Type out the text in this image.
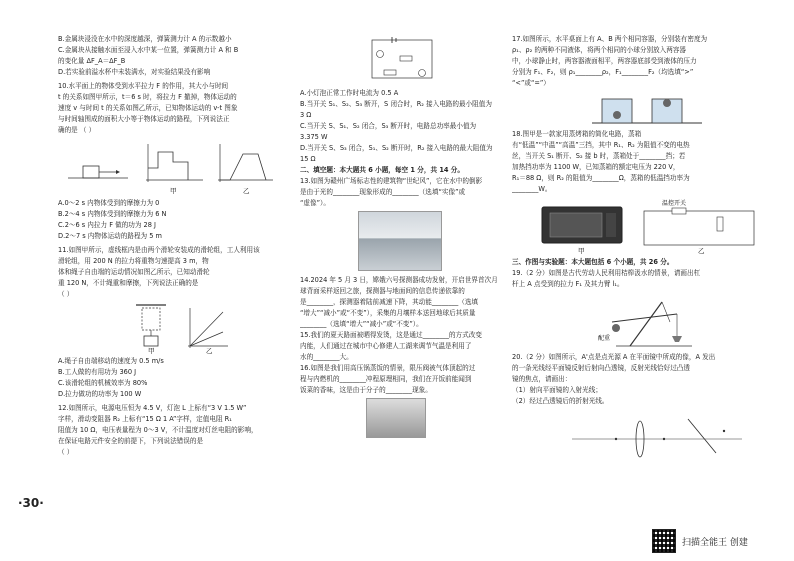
B.金属块浸没在水中的深度越深，弹簧测力计 A 的示数越小
C.金属块从接触水面至浸入水中某一位置，弹簧测力计 A 和 B
的变化量 ΔF_A＝ΔF_B
D.若实验前溢水杯中未装满水，对实验结果没有影响
10.水平面上的物体受到水平拉力 F 的作用，其大小与时间
t 的关系如图甲所示，t＝6 s 时，将拉力 F 撤掉，物体运动的
速度 v 与时间 t 的关系如图乙所示，已知物体运动的 v-t 图象
与时间轴围成的面积大小等于物体运动的路程，下列说法正
确的是 （ ）
甲	乙
A.0～2 s 内物体受到的摩擦力为 0
B.2～4 s 内物体受到的摩擦力为 6 N
C.2～6 s 内拉力 F 做的功为 28 J
D.2～7 s 内物体运动的路程为 5 m
11.如图甲所示，虚线框内是由两个滑轮安装成的滑轮组，工人利用该
滑轮组，用 200 N 的拉力将重物匀速提高 3 m，物
体和绳子自由端的运动情况如图乙所示，已知动滑轮
重 120 N，不计绳重和摩擦，下列说法正确的是
（ ）
甲	乙
A.绳子自由端移动的速度为 0.5 m/s
B.工人做的有用功为 360 J
C.该滑轮组的机械效率为 80%
D.拉力做功的功率为 100 W
12.如图所示，电源电压恒为 4.5 V，灯泡 L 上标有“3 V 1.5 W”
字样，滑动变阻器 R₂ 上标有“15 Ω 1 A”字样，定值电阻 R₁
阻值为 10 Ω，电压表量程为 0～3 V，不计温度对灯丝电阻的影响，
在保证电路元件安全的前提下，下列说法错误的是
（ ）
A.小灯泡正常工作时电流为 0.5 A
B.当开关 S₁、S₂、S₃ 断开，S 闭合时，R₂ 接入电路的最小阻值为
3 Ω
C.当开关 S、S₁、S₂ 闭合，S₃ 断开时，电路总功率最小值为
3.375 W
D.当开关 S、S₃ 闭合，S₁、S₂ 断开时，R₂ 接入电路的最大阻值为
15 Ω
二、填空题：本大题共 6 小题，每空 1 分，共 14 分。
13.如图为赣州广场标志性的建筑物“世纪风”，它在水中的倒影
是由于光的________现象形成的________（选填“实像”或
“虚像”）。
14.2024 年 5 月 3 日，嫦娥六号探测器成功发射，开启世界首次月
球背面采样返回之旅，探测器与地面间的信息传递依靠的
是________，探测器着陆前减速下降，其动能________（选填
“增大”“减小”或“不变”），采集的月壤样本送回地球后其质量
________（选填“增大”“减小”或“不变”）。
15.我们的夏天路面被晒得发烫，这是通过________的方式改变
内能，人们通过在城市中心修建人工湖来调节气温是利用了
水的________大。
16.如图是我们用高压锅蒸饭的情景，限压阀被气体顶起的过
程与内燃机的________冲程原理相同，我们在开饭前能闻到
饭菜的香味，这是由于分子的________现象。
17.如图所示，水平桌面上有 A、B 两个相同容器，分别装有密度为
ρ₁、ρ₂ 的两种不同液体，将两个相同的小球分别放入两容器
中，小球静止时，两容器液面相平，两容器底部受到液体的压力
分别为 F₁、F₂，则 ρ₁________ρ₂，F₁________F₂（均选填“>”
“<”或“=”）
18.图甲是一款家用蒸烤箱的简化电路，蒸箱
有“低温”“中温”“高温”三挡，其中 R₁、R₂ 为阻值不变的电热
丝，当开关 S₁ 断开、S₂ 接 b 时，蒸箱处于________挡；若
加热挡功率为 1100 W，已知蒸箱的额定电压为 220 V，
R₁＝88 Ω，则 R₂ 的阻值为________Ω，蒸箱的低温挡功率为
________W。
温控开关
甲	乙
三、作图与实验题：本大题包括 6 个小题，共 26 分。
19.（2 分）如图是古代劳动人民利用桔槔汲水的情景，请画出杠
杆上 A 点受到的拉力 F₁ 及其力臂 l₁。
配重
20.（2 分）如图所示，A'点是点光源 A 在平面镜中所成的像，A 发出
的一条光线经平面镜反射后射向凸透镜，反射光线恰好过凸透
镜的焦点，请画出：
（1）射向平面镜的入射光线；
（2）经过凸透镜后的折射光线。
·30·
扫描全能王 创建
